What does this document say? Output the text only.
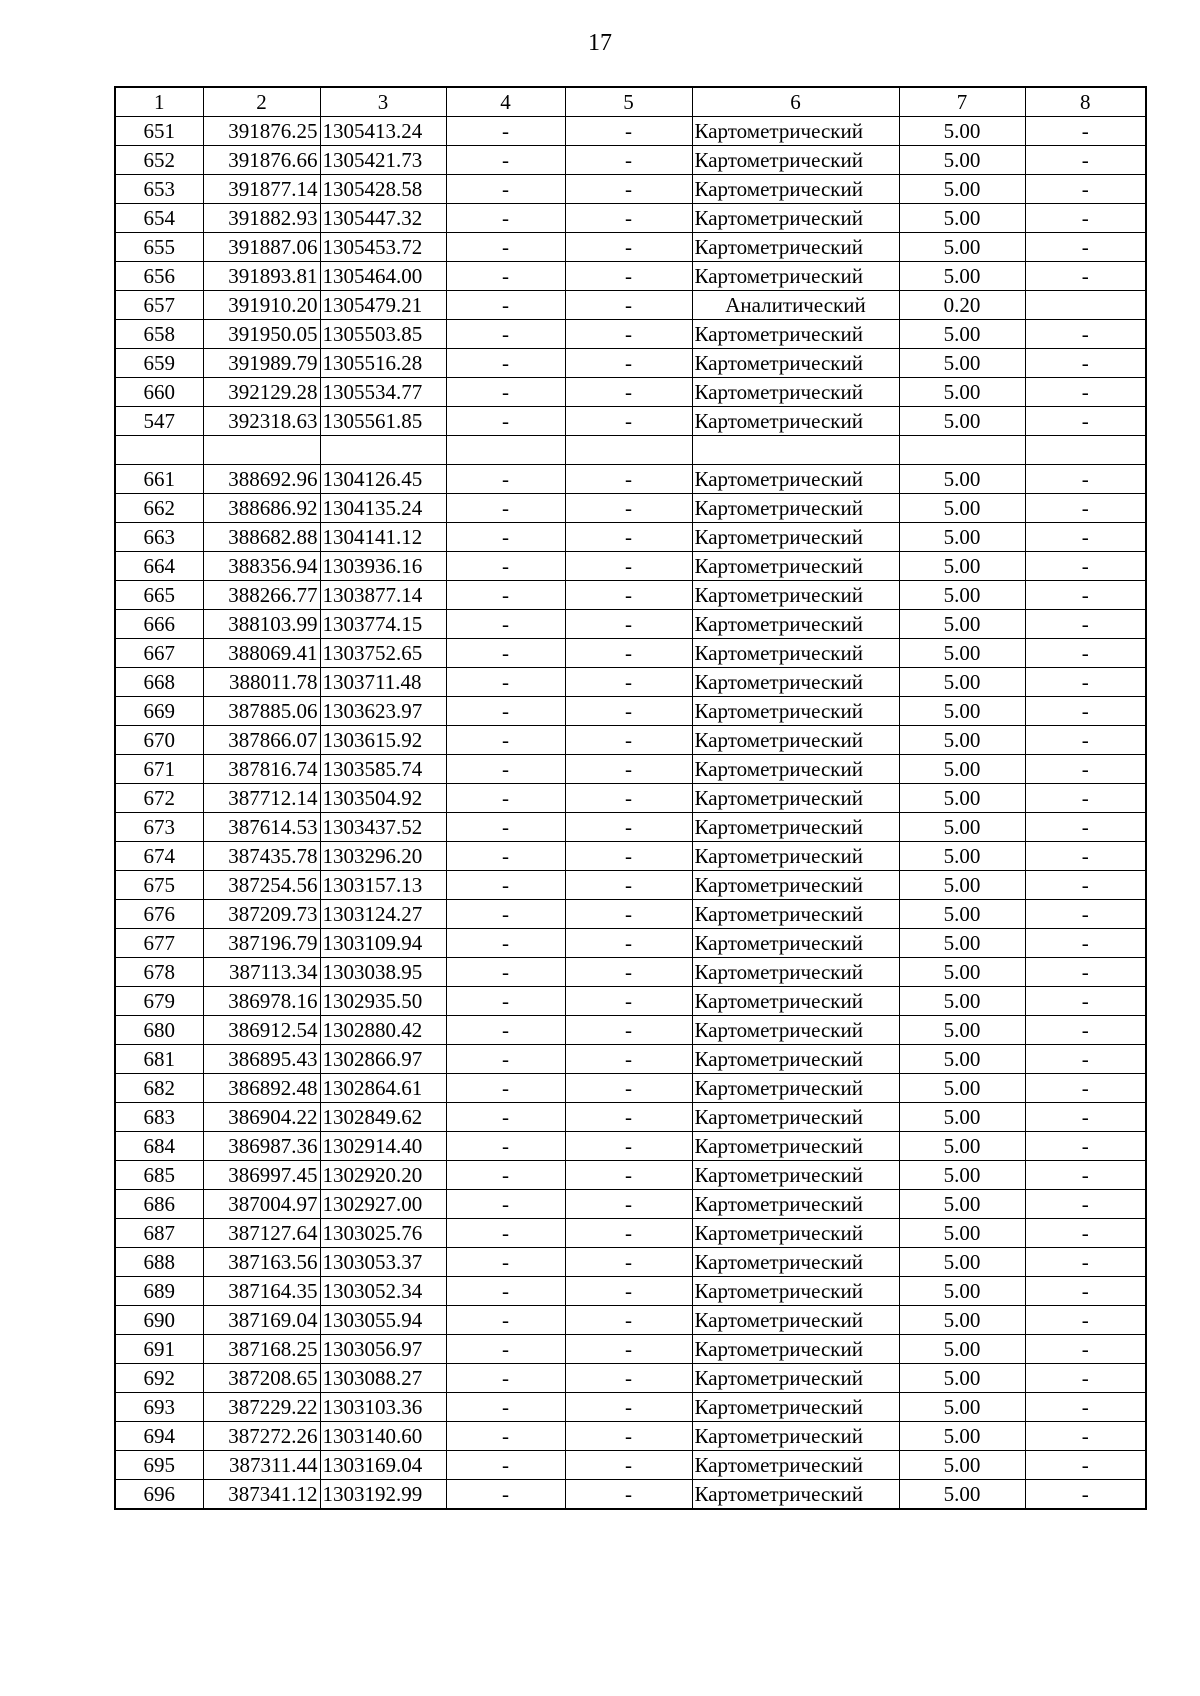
17
1	2	3	4	5	6	7	8
651	391876.25	1305413.24	-	-	Картометрический	5.00	-
652	391876.66	1305421.73	-	-	Картометрический	5.00	-
653	391877.14	1305428.58	-	-	Картометрический	5.00	-
654	391882.93	1305447.32	-	-	Картометрический	5.00	-
655	391887.06	1305453.72	-	-	Картометрический	5.00	-
656	391893.81	1305464.00	-	-	Картометрический	5.00	-
657	391910.20	1305479.21	-	-	Аналитический	0.20	
658	391950.05	1305503.85	-	-	Картометрический	5.00	-
659	391989.79	1305516.28	-	-	Картометрический	5.00	-
660	392129.28	1305534.77	-	-	Картометрический	5.00	-
547	392318.63	1305561.85	-	-	Картометрический	5.00	-

661	388692.96	1304126.45	-	-	Картометрический	5.00	-
662	388686.92	1304135.24	-	-	Картометрический	5.00	-
663	388682.88	1304141.12	-	-	Картометрический	5.00	-
664	388356.94	1303936.16	-	-	Картометрический	5.00	-
665	388266.77	1303877.14	-	-	Картометрический	5.00	-
666	388103.99	1303774.15	-	-	Картометрический	5.00	-
667	388069.41	1303752.65	-	-	Картометрический	5.00	-
668	388011.78	1303711.48	-	-	Картометрический	5.00	-
669	387885.06	1303623.97	-	-	Картометрический	5.00	-
670	387866.07	1303615.92	-	-	Картометрический	5.00	-
671	387816.74	1303585.74	-	-	Картометрический	5.00	-
672	387712.14	1303504.92	-	-	Картометрический	5.00	-
673	387614.53	1303437.52	-	-	Картометрический	5.00	-
674	387435.78	1303296.20	-	-	Картометрический	5.00	-
675	387254.56	1303157.13	-	-	Картометрический	5.00	-
676	387209.73	1303124.27	-	-	Картометрический	5.00	-
677	387196.79	1303109.94	-	-	Картометрический	5.00	-
678	387113.34	1303038.95	-	-	Картометрический	5.00	-
679	386978.16	1302935.50	-	-	Картометрический	5.00	-
680	386912.54	1302880.42	-	-	Картометрический	5.00	-
681	386895.43	1302866.97	-	-	Картометрический	5.00	-
682	386892.48	1302864.61	-	-	Картометрический	5.00	-
683	386904.22	1302849.62	-	-	Картометрический	5.00	-
684	386987.36	1302914.40	-	-	Картометрический	5.00	-
685	386997.45	1302920.20	-	-	Картометрический	5.00	-
686	387004.97	1302927.00	-	-	Картометрический	5.00	-
687	387127.64	1303025.76	-	-	Картометрический	5.00	-
688	387163.56	1303053.37	-	-	Картометрический	5.00	-
689	387164.35	1303052.34	-	-	Картометрический	5.00	-
690	387169.04	1303055.94	-	-	Картометрический	5.00	-
691	387168.25	1303056.97	-	-	Картометрический	5.00	-
692	387208.65	1303088.27	-	-	Картометрический	5.00	-
693	387229.22	1303103.36	-	-	Картометрический	5.00	-
694	387272.26	1303140.60	-	-	Картометрический	5.00	-
695	387311.44	1303169.04	-	-	Картометрический	5.00	-
696	387341.12	1303192.99	-	-	Картометрический	5.00	-
